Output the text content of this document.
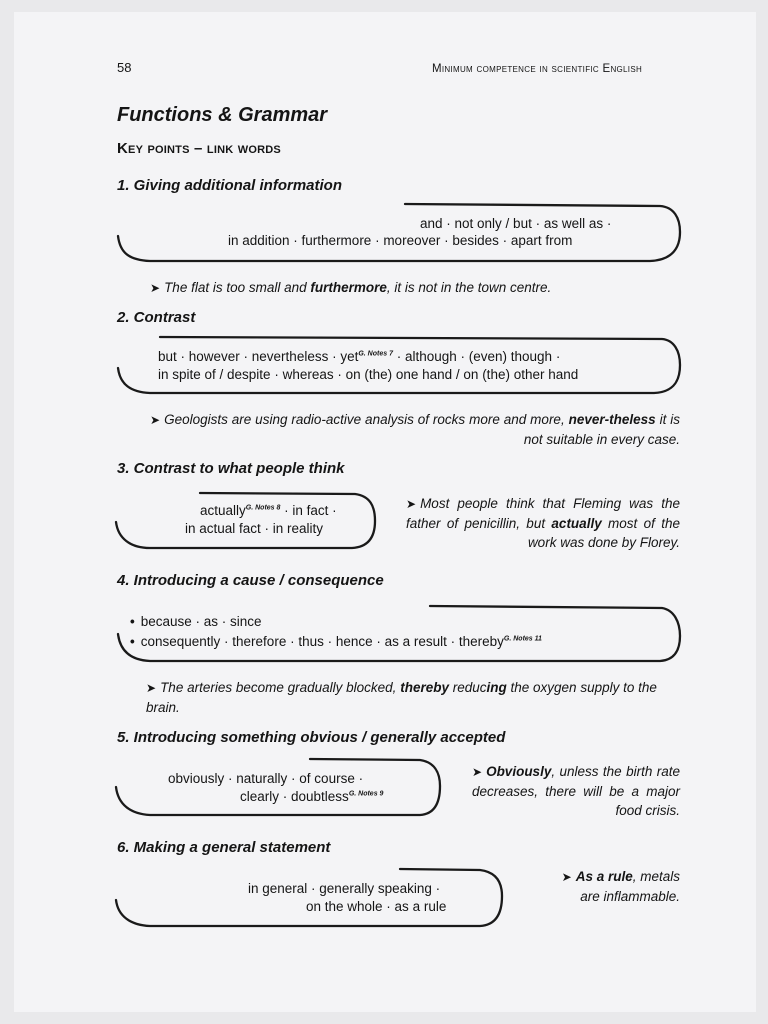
58	Minimum competence in scientific English
Functions & Grammar
Key points – link words
1. Giving additional information
and · not only / but · as well as ·
in addition · furthermore · moreover · besides · apart from
➤ The flat is too small and furthermore, it is not in the town centre.
2. Contrast
but · however · nevertheless · yet$^{G. Notes 7}$ · although · (even) though ·
in spite of / despite · whereas · on (the) one hand / on (the) other hand
➤ Geologists are using radio-active analysis of rocks more and more, never-theless it is not suitable in every case.
3. Contrast to what people think
actually$^{G. Notes 8}$ · in fact ·
in actual fact · in reality
➤ Most people think that Fleming was the father of penicillin, but actually most of the work was done by Florey.
4. Introducing a cause / consequence
• because · as · since
• consequently · therefore · thus · hence · as a result · thereby$^{G. Notes 11}$
➤ The arteries become gradually blocked, thereby reducing the oxygen supply to the brain.
5. Introducing something obvious / generally accepted
obviously · naturally · of course ·
clearly · doubtless$^{G. Notes 9}$
➤ Obviously, unless the birth rate decreases, there will be a major food crisis.
6. Making a general statement
in general · generally speaking ·
on the whole · as a rule
➤ As a rule, metals are inflammable.
